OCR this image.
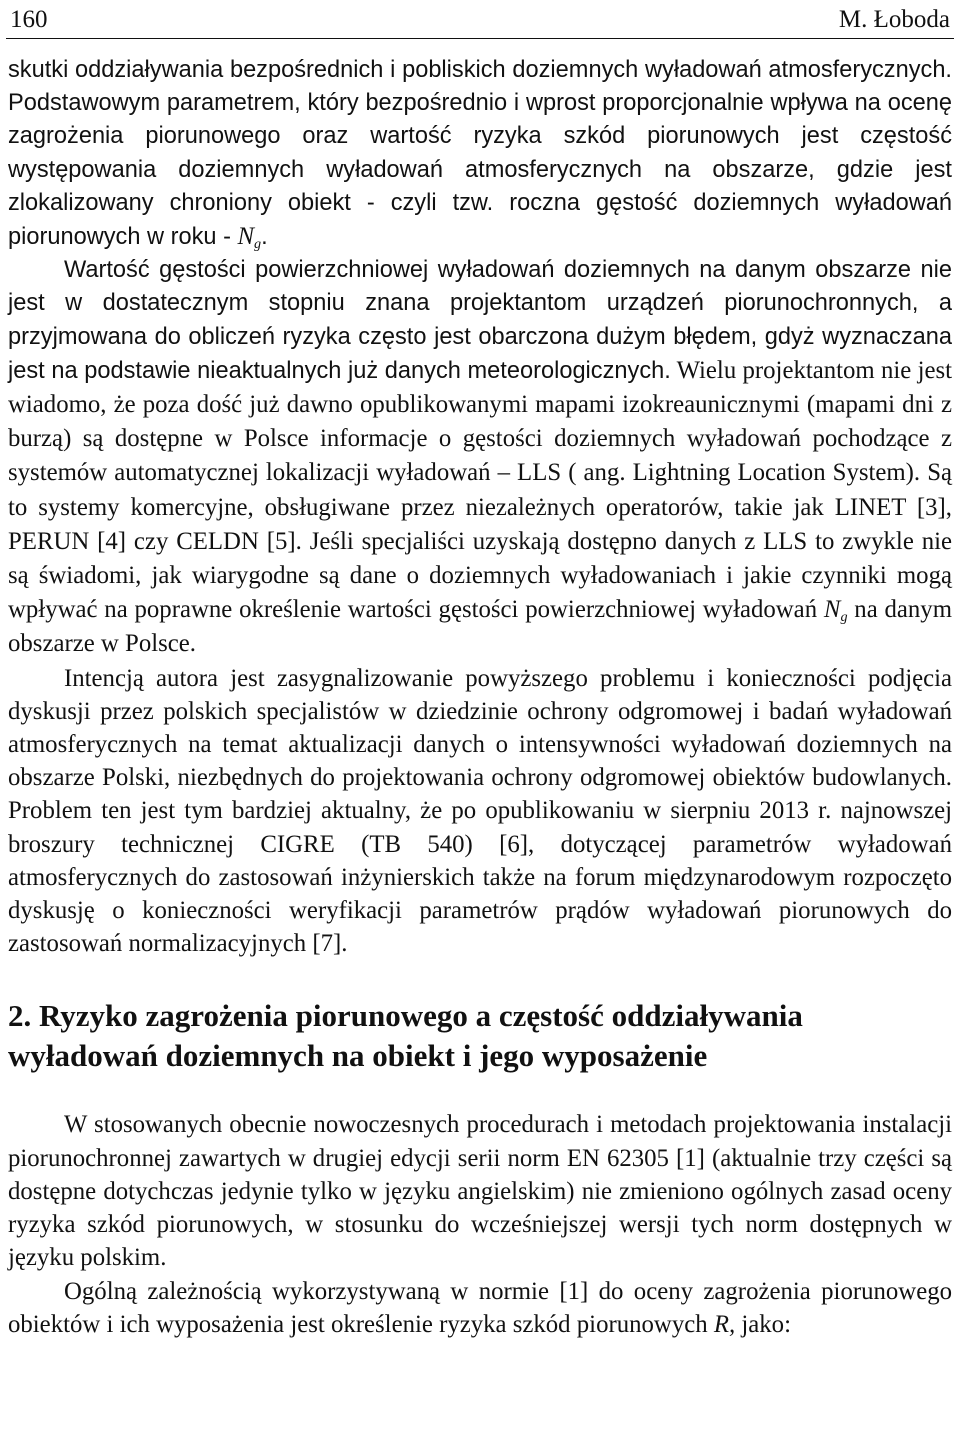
160	M. Łoboda

skutki oddziaływania bezpośrednich i pobliskich doziemnych wyładowań atmosferycznych. Podstawowym parametrem, który bezpośrednio i wprost proporcjonalnie wpływa na ocenę zagrożenia piorunowego oraz wartość ryzyka szkód piorunowych jest częstość występowania doziemnych wyładowań atmosferycznych na obszarze, gdzie jest zlokalizowany chroniony obiekt - czyli tzw. roczna gęstość doziemnych wyładowań piorunowych w roku - Ng.

Wartość gęstości powierzchniowej wyładowań doziemnych na danym obszarze nie jest w dostatecznym stopniu znana projektantom urządzeń piorunochronnych, a przyjmowana do obliczeń ryzyka często jest obarczona dużym błędem, gdyż wyznaczana jest na podstawie nieaktualnych już danych meteorologicznych. Wielu projektantom nie jest wiadomo, że poza dość już dawno opublikowanymi mapami izokreaunicznymi (mapami dni z burzą) są dostępne w Polsce informacje o gęstości doziemnych wyładowań pochodzące z systemów automatycznej lokalizacji wyładowań – LLS ( ang. Lightning Location System). Są to systemy komercyjne, obsługiwane przez niezależnych operatorów, takie jak LINET [3], PERUN [4] czy CELDN [5]. Jeśli specjaliści uzyskają dostępno danych z LLS to zwykle nie są świadomi, jak wiarygodne są dane o doziemnych wyładowaniach i jakie czynniki mogą wpływać na poprawne określenie wartości gęstości powierzchniowej wyładowań Ng na danym obszarze w Polsce.

Intencją autora jest zasygnalizowanie powyższego problemu i konieczności podjęcia dyskusji przez polskich specjalistów w dziedzinie ochrony odgromowej i badań wyładowań atmosferycznych na temat aktualizacji danych o intensywności wyładowań doziemnych na obszarze Polski, niezbędnych do projektowania ochrony odgromowej obiektów budowlanych. Problem ten jest tym bardziej aktualny, że po opublikowaniu w sierpniu 2013 r. najnowszej broszury technicznej CIGRE (TB 540) [6], dotyczącej parametrów wyładowań atmosferycznych do zastosowań inżynierskich także na forum międzynarodowym rozpoczęto dyskusję o konieczności weryfikacji parametrów prądów wyładowań piorunowych do zastosowań normalizacyjnych [7].

2. Ryzyko zagrożenia piorunowego a częstość oddziaływania wyładowań doziemnych na obiekt i jego wyposażenie

W stosowanych obecnie nowoczesnych procedurach i metodach projektowania instalacji piorunochronnej zawartych w drugiej edycji serii norm EN 62305 [1] (aktualnie trzy części są dostępne dotychczas jedynie tylko w języku angielskim) nie zmieniono ogólnych zasad oceny ryzyka szkód piorunowych, w stosunku do wcześniejszej wersji tych norm dostępnych w języku polskim.

Ogólną zależnością wykorzystywaną w normie [1] do oceny zagrożenia piorunowego obiektów i ich wyposażenia jest określenie ryzyka szkód piorunowych R, jako:
